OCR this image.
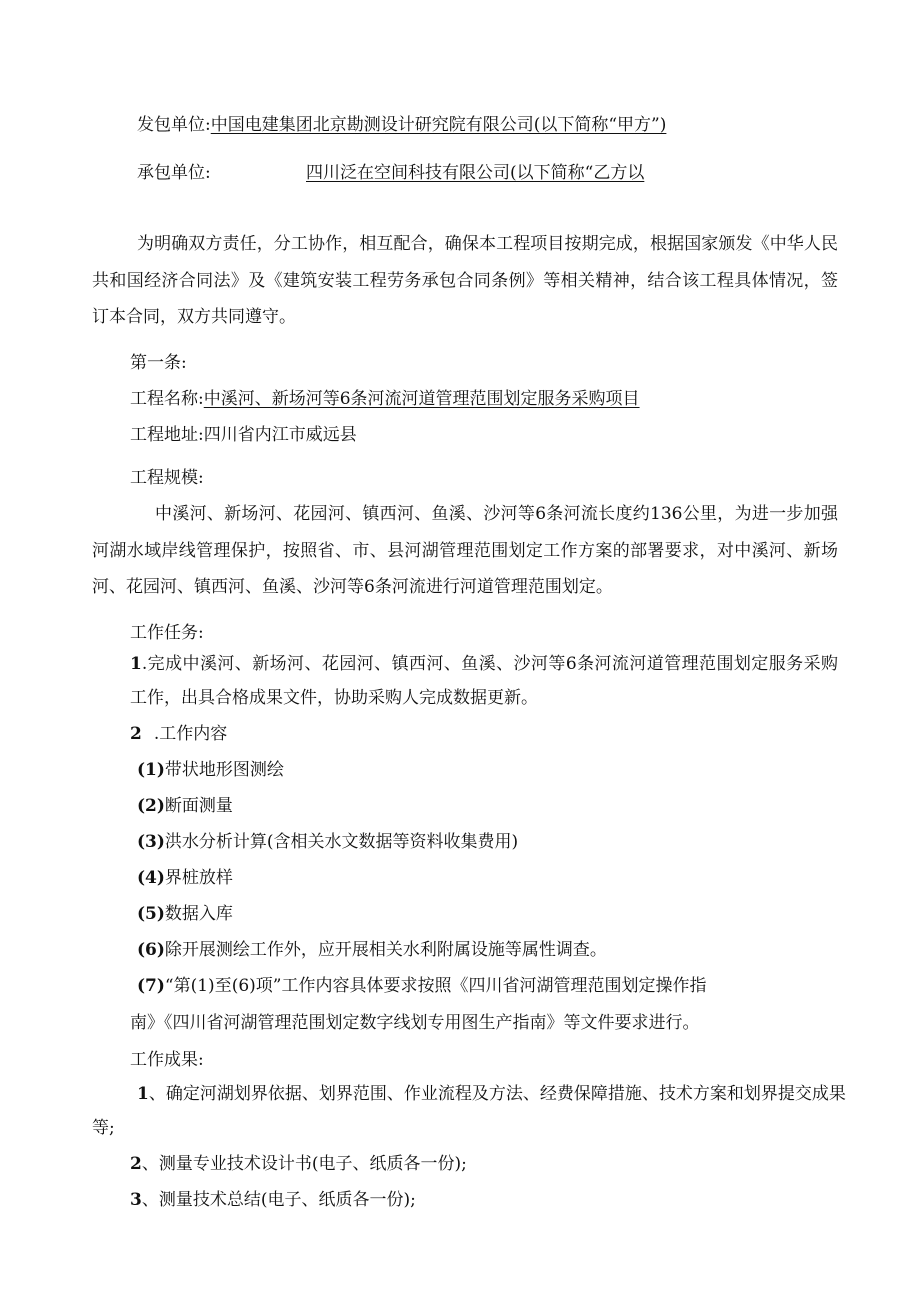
发包单位:中国电建集团北京勘测设计研究院有限公司(以下简称“甲方”)
承包单位:	四川泛在空间科技有限公司(以下简称“乙方以
为明确双方责任，分工协作，相互配合，确保本工程项目按期完成，根据国家颁发《中华人民
共和国经济合同法》及《建筑安装工程劳务承包合同条例》等相关精神，结合该工程具体情况，签
订本合同，双方共同遵守。
第一条:
工程名称:中溪河、新场河等6条河流河道管理范围划定服务采购项目
工程地址:四川省内江市威远县
工程规模:
中溪河、新场河、花园河、镇西河、鱼溪、沙河等6条河流长度约136公里，为进一步加强
河湖水域岸线管理保护，按照省、市、县河湖管理范围划定工作方案的部署要求，对中溪河、新场
河、花园河、镇西河、鱼溪、沙河等6条河流进行河道管理范围划定。
工作任务:
1.完成中溪河、新场河、花园河、镇西河、鱼溪、沙河等6条河流河道管理范围划定服务采购
工作，出具合格成果文件，协助采购人完成数据更新。
2 .工作内容
(1)带状地形图测绘
(2)断面测量
(3)洪水分析计算(含相关水文数据等资料收集费用)
(4)界桩放样
(5)数据入库
(6)除开展测绘工作外，应开展相关水利附属设施等属性调查。
(7)“第(1)至(6)项”工作内容具体要求按照《四川省河湖管理范围划定操作指
南》《四川省河湖管理范围划定数字线划专用图生产指南》等文件要求进行。
工作成果:
1、确定河湖划界依据、划界范围、作业流程及方法、经费保障措施、技术方案和划界提交成果
等;
2、测量专业技术设计书(电子、纸质各一份);
3、测量技术总结(电子、纸质各一份);
